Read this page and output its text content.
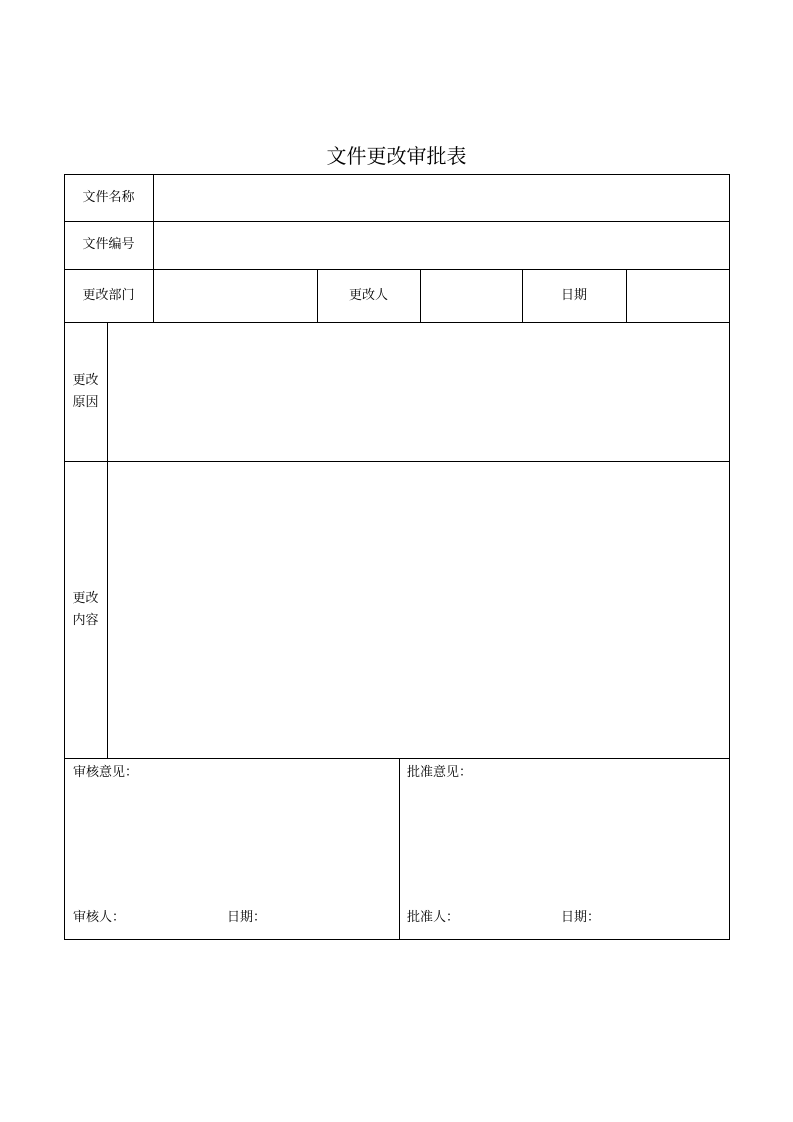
文件更改审批表
文件名称
文件编号
更改部门	更改人	日期
更改
原因
更改
内容
审核意见：
审核人：	日期：
批准意见：
批准人：	日期：
